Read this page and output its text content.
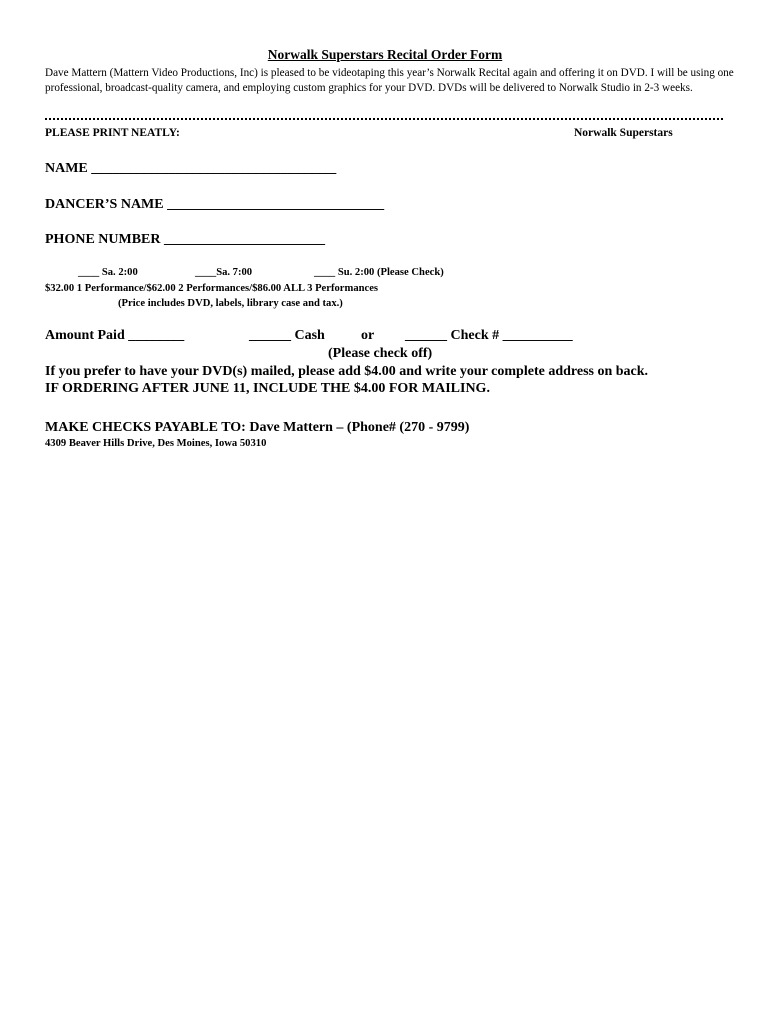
Norwalk Superstars Recital Order Form
Dave Mattern (Mattern Video Productions, Inc) is pleased to be videotaping this year’s Norwalk Recital again and offering it on DVD. I will be using one professional, broadcast-quality camera, and employing custom graphics for your DVD. DVDs will be delivered to Norwalk Studio in 2-3 weeks.
PLEASE PRINT NEATLY:	Norwalk Superstars
NAME ___________________________________
DANCER’S NAME _______________________________
PHONE NUMBER _______________________
____ Sa. 2:00	____Sa. 7:00	____ Su. 2:00 (Please Check)
$32.00 1 Performance/$62.00 2 Performances/$86.00 ALL 3 Performances
(Price includes DVD, labels, library case and tax.)
Amount Paid ________	______ Cash	or ______ Check # __________
(Please check off)
If you prefer to have your DVD(s) mailed, please add $4.00 and write your complete address on back.
IF ORDERING AFTER JUNE 11, INCLUDE THE $4.00 FOR MAILING.
MAKE CHECKS PAYABLE TO: Dave Mattern – (Phone# (270 - 9799)
4309 Beaver Hills Drive, Des Moines, Iowa 50310
